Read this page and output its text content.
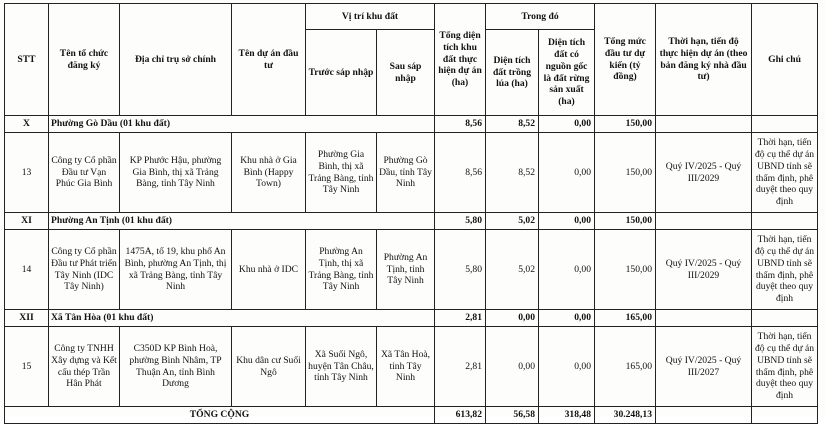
STT	Tên tổ chức đăng ký	Địa chỉ trụ sở chính	Tên dự án đầu tư	Vị trí khu đất		Tổng diện tích khu đất thực hiện dự án (ha)	Trong đó		Tổng mức đầu tư dự kiến (tỷ đồng)	Thời hạn, tiến độ thực hiện dự án (theo bản đăng ký nhà đầu tư)	Ghi chú
				Trước sáp nhập	Sau sáp nhập		Diện tích đất trồng lúa (ha)	Diện tích đất có nguồn gốc là đất rừng sản xuất (ha)			
X	Phường Gò Dầu (01 khu đất)					8,56	8,52	0,00	150,00		
13	Công ty Cổ phần Đầu tư Vạn Phúc Gia Bình	KP Phước Hậu, phường Gia Bình, thị xã Trảng Bàng, tỉnh Tây Ninh	Khu nhà ở Gia Bình (Happy Town)	Phường Gia Bình, thị xã Trảng Bàng, tỉnh Tây Ninh	Phường Gò Dầu, tỉnh Tây Ninh	8,56	8,52	0,00	150,00	Quý IV/2025 - Quý III/2029	Thời hạn, tiến độ cụ thể dự án UBND tỉnh sẽ thẩm định, phê duyệt theo quy định
XI	Phường An Tịnh (01 khu đất)					5,80	5,02	0,00	150,00		
14	Công ty Cổ phần Đầu tư Phát triển Tây Ninh (IDC Tây Ninh)	1475A, tổ 19, khu phố An Bình, phường An Tịnh, thị xã Trảng Bàng, tỉnh Tây Ninh	Khu nhà ở IDC	Phường An Tịnh, thị xã Trảng Bàng, tỉnh Tây Ninh	Phường An Tịnh, tỉnh Tây Ninh	5,80	5,02	0,00	150,00	Quý IV/2025 - Quý III/2029	Thời hạn, tiến độ cụ thể dự án UBND tỉnh sẽ thẩm định, phê duyệt theo quy định
XII	Xã Tân Hòa (01 khu đất)					2,81	0,00	0,00	165,00		
15	Công ty TNHH Xây dựng và Kết cấu thép Trần Hân Phát	C350D KP Bình Hoà, phường Bình Nhâm, TP Thuận An, tỉnh Bình Dương	Khu dân cư Suối Ngô	Xã Suối Ngô, huyện Tân Châu, tỉnh Tây Ninh	Xã Tân Hoà, tỉnh Tây Ninh	2,81	0,00	0,00	165,00	Quý IV/2025 - Quý III/2027	Thời hạn, tiến độ cụ thể dự án UBND tỉnh sẽ thẩm định, phê duyệt theo quy định
TỔNG CỘNG						613,82	56,58	318,48	30.248,13		
